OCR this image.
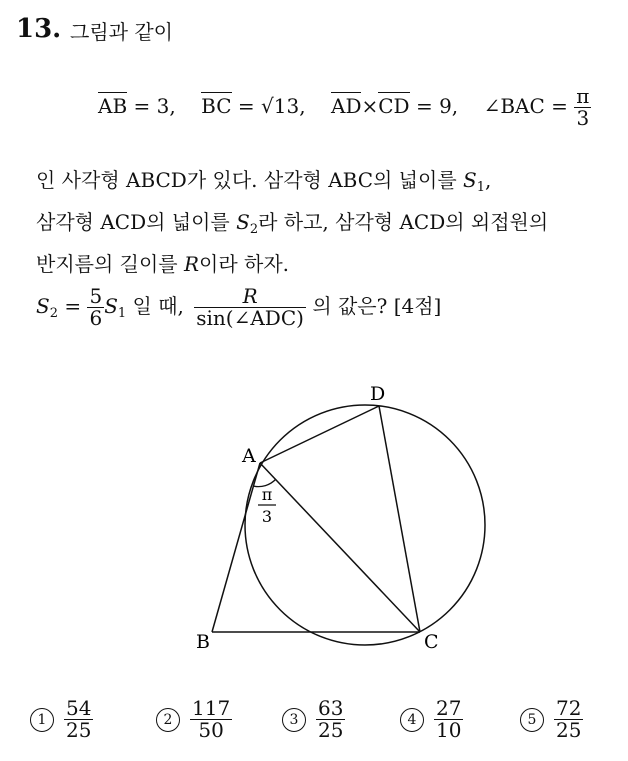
13. 그림과 같이
AB = 3, BC = √13, AD×CD = 9, ∠BAC = $\frac{\pi}{3}$
인 사각형 ABCD가 있다. 삼각형 ABC의 넓이를 $S_1$,
삼각형 ACD의 넓이를 $S_2$라 하고, 삼각형 ACD의 외접원의
반지름의 길이를 R이라 하자.
$S_2 = \frac{5}{6} S_1$ 일 때, $\frac{R}{\text{sin(∠ADC)}}$ 의 값은? [4점]
A
B	C
D
π
3
$1 \frac{54}{25}$	$2 \frac{117}{50}$	$3 \frac{63}{25}$	$4 \frac{27}{10}$	$5 \frac{72}{25}$
